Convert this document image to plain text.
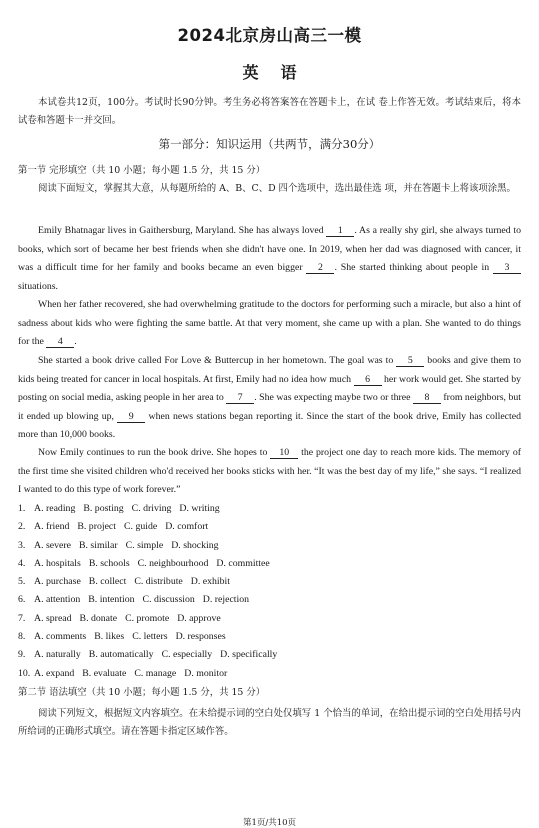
2024北京房山高三一模
英语
本试卷共12页，100分。考试时长90分钟。考生务必将答案答在答题卡上，在试 卷上作答无效。考试结束后，将本试卷和答题卡一并交回。
第一部分：知识运用（共两节，满分30分）
第一节 完形填空（共 10 小题；每小题 1.5 分，共 15 分）
阅读下面短文，掌握其大意，从每题所给的 A、B、C、D 四个选项中，选出最佳选 项，并在答题卡上将该项涂黑。
Emily Bhatnagar lives in Gaithersburg, Maryland. She has always loved 1 . As a really shy girl, she always turned to books, which sort of became her best friends when she didn't have one. In 2019, when her dad was diagnosed with cancer, it was a difficult time for her family and books became an even bigger 2 . She started thinking about people in 3 situations.
When her father recovered, she had overwhelming gratitude to the doctors for performing such a miracle, but also a hint of sadness about kids who were fighting the same battle. At that very moment, she came up with a plan. She wanted to do things for the 4 .
She started a book drive called For Love & Buttercup in her hometown. The goal was to 5 books and give them to kids being treated for cancer in local hospitals. At first, Emily had no idea how much 6 her work would get. She started by posting on social media, asking people in her area to 7 . She was expecting maybe two or three 8 from neighbors, but it ended up blowing up, 9 when news stations began reporting it. Since the start of the book drive, Emily has collected more than 10,000 books.
Now Emily continues to run the book drive. She hopes to 10 the project one day to reach more kids. The memory of the first time she visited children who'd received her books sticks with her. “It was the best day of my life,” she says. “I realized I wanted to do this type of work forever.”
1. A. reading B. posting C. driving D. writing
2. A. friend B. project C. guide D. comfort
3. A. severe B. similar C. simple D. shocking
4. A. hospitals B. schools C. neighbourhood D. committee
5. A. purchase B. collect C. distribute D. exhibit
6. A. attention B. intention C. discussion D. rejection
7. A. spread B. donate C. promote D. approve
8. A. comments B. likes C. letters D. responses
9. A. naturally B. automatically C. especially D. specifically
10. A. expand B. evaluate C. manage D. monitor
第二节 语法填空（共 10 小题；每小题 1.5 分，共 15 分）
阅读下列短文，根据短文内容填空。在未给提示词的空白处仅填写 1 个恰当的单词，在给出提示词的空白处用括号内所给词的正确形式填空。请在答题卡指定区域作答。
第1页/共10页
